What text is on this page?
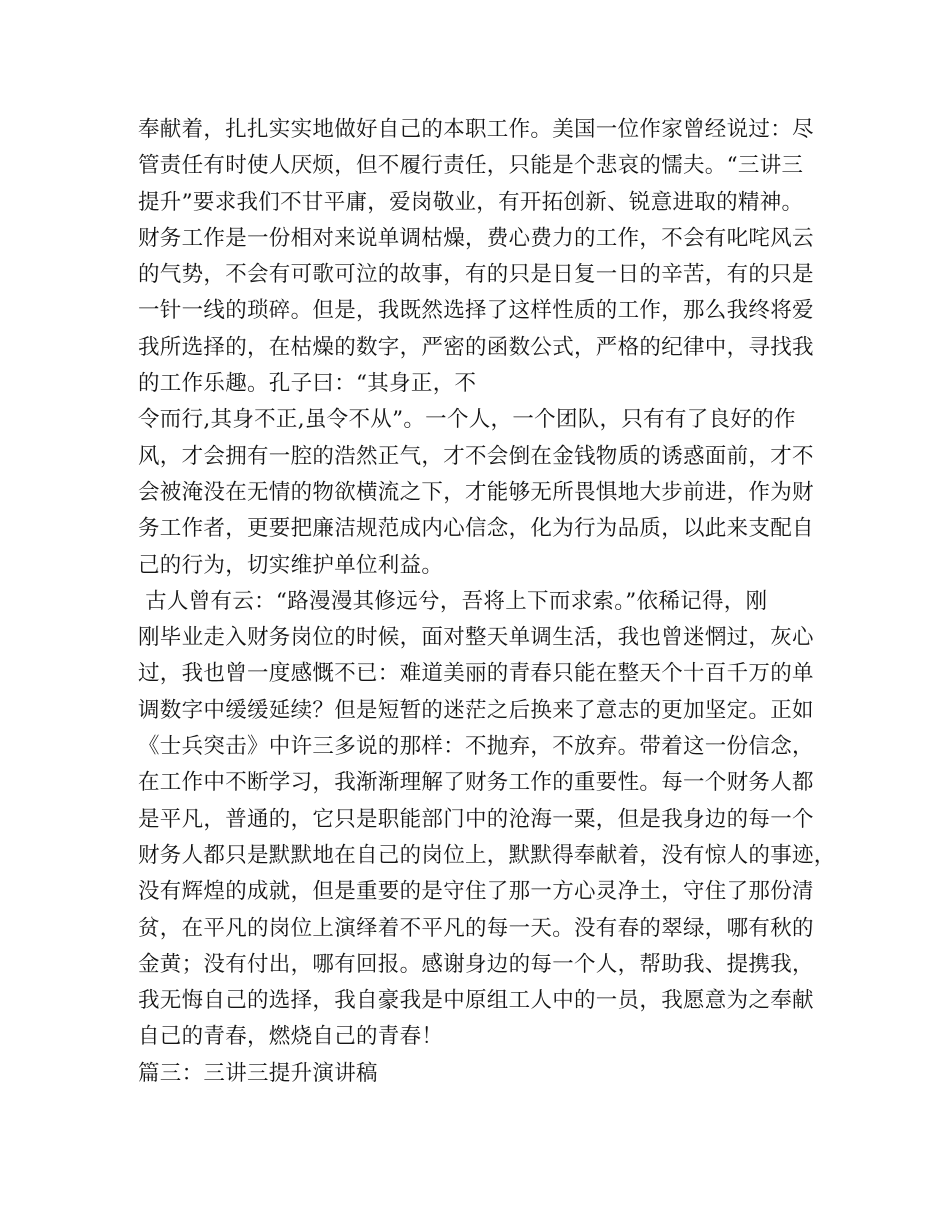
奉献着，扎扎实实地做好自己的本职工作。美国一位作家曾经说过：尽
管责任有时使人厌烦，但不履行责任，只能是个悲哀的懦夫。“三讲三
提升”要求我们不甘平庸，爱岗敬业，有开拓创新、锐意进取的精神。
财务工作是一份相对来说单调枯燥，费心费力的工作，不会有叱咤风云
的气势，不会有可歌可泣的故事，有的只是日复一日的辛苦，有的只是
一针一线的琐碎。但是，我既然选择了这样性质的工作，那么我终将爱
我所选择的，在枯燥的数字，严密的函数公式，严格的纪律中，寻找我
的工作乐趣。孔子曰：“其身正，不
令而行,其身不正,虽令不从”。一个人，一个团队，只有有了良好的作
风，才会拥有一腔的浩然正气，才不会倒在金钱物质的诱惑面前，才不
会被淹没在无情的物欲横流之下，才能够无所畏惧地大步前进，作为财
务工作者，更要把廉洁规范成内心信念，化为行为品质，以此来支配自
己的行为，切实维护单位利益。
古人曾有云：“路漫漫其修远兮，吾将上下而求索。”依稀记得，刚
刚毕业走入财务岗位的时候，面对整天单调生活，我也曾迷惘过，灰心
过，我也曾一度感慨不已：难道美丽的青春只能在整天个十百千万的单
调数字中缓缓延续？但是短暂的迷茫之后换来了意志的更加坚定。正如
《士兵突击》中许三多说的那样：不抛弃，不放弃。带着这一份信念，
在工作中不断学习，我渐渐理解了财务工作的重要性。每一个财务人都
是平凡，普通的，它只是职能部门中的沧海一粟，但是我身边的每一个
财务人都只是默默地在自己的岗位上，默默得奉献着，没有惊人的事迹，
没有辉煌的成就，但是重要的是守住了那一方心灵净土，守住了那份清
贫，在平凡的岗位上演绎着不平凡的每一天。没有春的翠绿，哪有秋的
金黄；没有付出，哪有回报。感谢身边的每一个人，帮助我、提携我，
我无悔自己的选择，我自豪我是中原组工人中的一员，我愿意为之奉献
自己的青春，燃烧自己的青春！
篇三：三讲三提升演讲稿
